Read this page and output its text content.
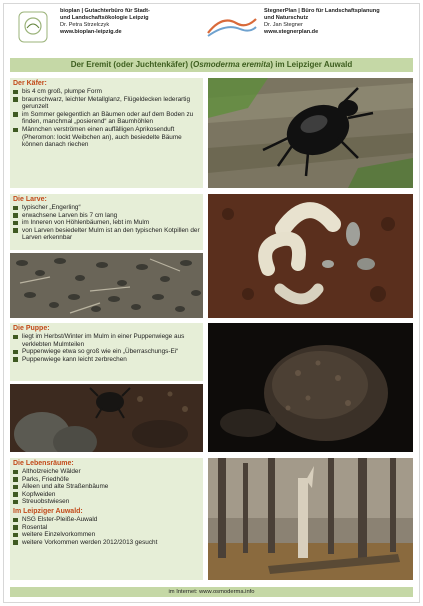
bioplan | Gutachterbüro für Stadt-
und Landschaftsökologie Leipzig
Dr. Petra Strzelczyk
www.bioplan-leipzig.de
StegnerPlan | Büro für Landschaftsplanung
und Naturschutz
Dr. Jan Stegner
www.stegnerplan.de
Der Eremit (oder Juchtenkäfer) (Osmoderma eremita) im Leipziger Auwald
Der Käfer:
bis 4 cm groß, plumpe Form
braunschwarz, leichter Metallglanz, Flügeldecken lederartig gerunzelt
im Sommer gelegentlich an Bäumen oder auf dem Boden zu finden, manchmal „posierend“ an Baumhöhlen
Männchen verströmen einen auffälligen Aprikosenduft (Pheromon: lockt Weibchen an), auch besiedelte Bäume können danach riechen
Die Larve:
typischer „Engerling“
erwachsene Larven bis 7 cm lang
im Inneren von Höhlenbäumen, lebt im Mulm
von Larven besiedelter Mulm ist an den typischen Kotpillen der Larven erkennbar
Die Puppe:
liegt im Herbst/Winter im Mulm in einer Puppenwiege aus verklebten Mulmteilen
Puppenwiege etwa so groß wie ein „Überraschungs-Ei“
Puppenwiege kann leicht zerbrechen
Die Lebensräume:
Altholzreiche Wälder
Parks, Friedhöfe
Alleen und alte Straßenbäume
Kopfweiden
Streuobstwiesen
Im Leipziger Auwald:
NSG Elster-Pleiße-Auwald
Rosental
weitere Einzelvorkommen
weitere Vorkommen werden 2012/2013 gesucht
im Internet: www.osmoderma.info
